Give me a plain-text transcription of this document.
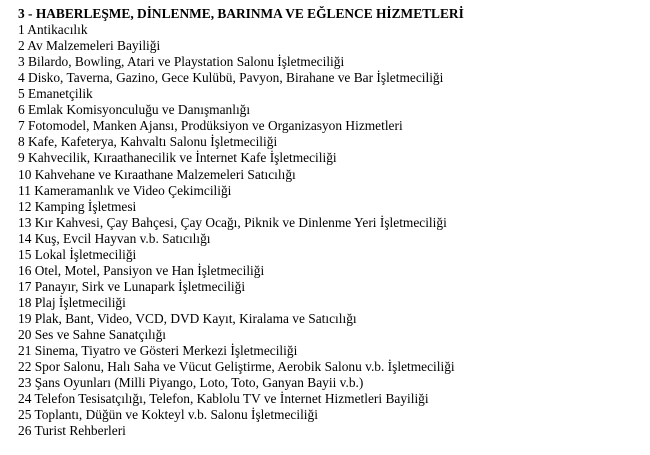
3 - HABERLEŞME, DİNLENME, BARINMA VE EĞLENCE HİZMETLERİ
1 Antikacılık
2 Av Malzemeleri Bayiliği
3 Bilardo, Bowling, Atari ve Playstation Salonu İşletmeciliği
4 Disko, Taverna, Gazino, Gece Kulübü, Pavyon, Birahane ve Bar İşletmeciliği
5 Emanetçilik
6 Emlak Komisyonculuğu ve Danışmanlığı
7 Fotomodel, Manken Ajansı, Prodüksiyon ve Organizasyon Hizmetleri
8 Kafe, Kafeterya, Kahvaltı Salonu İşletmeciliği
9 Kahvecilik, Kıraathanecilik ve İnternet Kafe İşletmeciliği
10 Kahvehane ve Kıraathane Malzemeleri Satıcılığı
11 Kameramanlık ve Video Çekimciliği
12 Kamping İşletmesi
13 Kır Kahvesi, Çay Bahçesi, Çay Ocağı, Piknik ve Dinlenme Yeri İşletmeciliği
14 Kuş, Evcil Hayvan v.b. Satıcılığı
15 Lokal İşletmeciliği
16 Otel, Motel, Pansiyon ve Han İşletmeciliği
17 Panayır, Sirk ve Lunapark İşletmeciliği
18 Plaj İşletmeciliği
19 Plak, Bant, Video, VCD, DVD Kayıt, Kiralama ve Satıcılığı
20 Ses ve Sahne Sanatçılığı
21 Sinema, Tiyatro ve Gösteri Merkezi İşletmeciliği
22 Spor Salonu, Halı Saha ve Vücut Geliştirme, Aerobik Salonu v.b. İşletmeciliği
23 Şans Oyunları (Milli Piyango, Loto, Toto, Ganyan Bayii v.b.)
24 Telefon Tesisatçılığı, Telefon, Kablolu TV ve İnternet Hizmetleri Bayiliği
25 Toplantı, Düğün ve Kokteyl v.b. Salonu İşletmeciliği
26 Turist Rehberleri
